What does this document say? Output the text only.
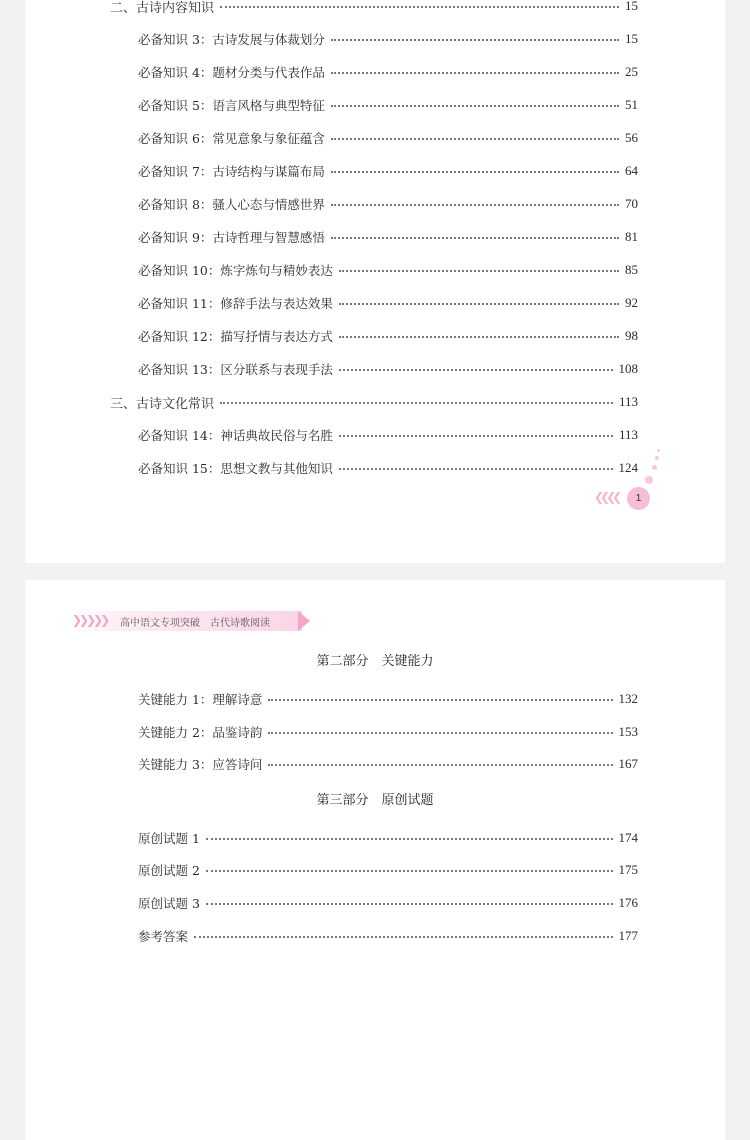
二、古诗内容知识	15
必备知识 3：古诗发展与体裁划分	15
必备知识 4：题材分类与代表作品	25
必备知识 5：语言风格与典型特征	51
必备知识 6：常见意象与象征蕴含	56
必备知识 7：古诗结构与谋篇布局	64
必备知识 8：骚人心态与情感世界	70
必备知识 9：古诗哲理与智慧感悟	81
必备知识 10：炼字炼句与精妙表达	85
必备知识 11：修辞手法与表达效果	92
必备知识 12：描写抒情与表达方式	98
必备知识 13：区分联系与表现手法	108
三、古诗文化常识	113
必备知识 14：神话典故民俗与名胜	113
必备知识 15：思想文教与其他知识	124
❮❮❮❮	1
❯❯❯❯❯ 高中语文专项突破　古代诗歌阅读
第二部分　关键能力
关键能力 1：理解诗意	132
关键能力 2：品鉴诗韵	153
关键能力 3：应答诗问	167
第三部分　原创试题
原创试题 1	174
原创试题 2	175
原创试题 3	176
参考答案	177
